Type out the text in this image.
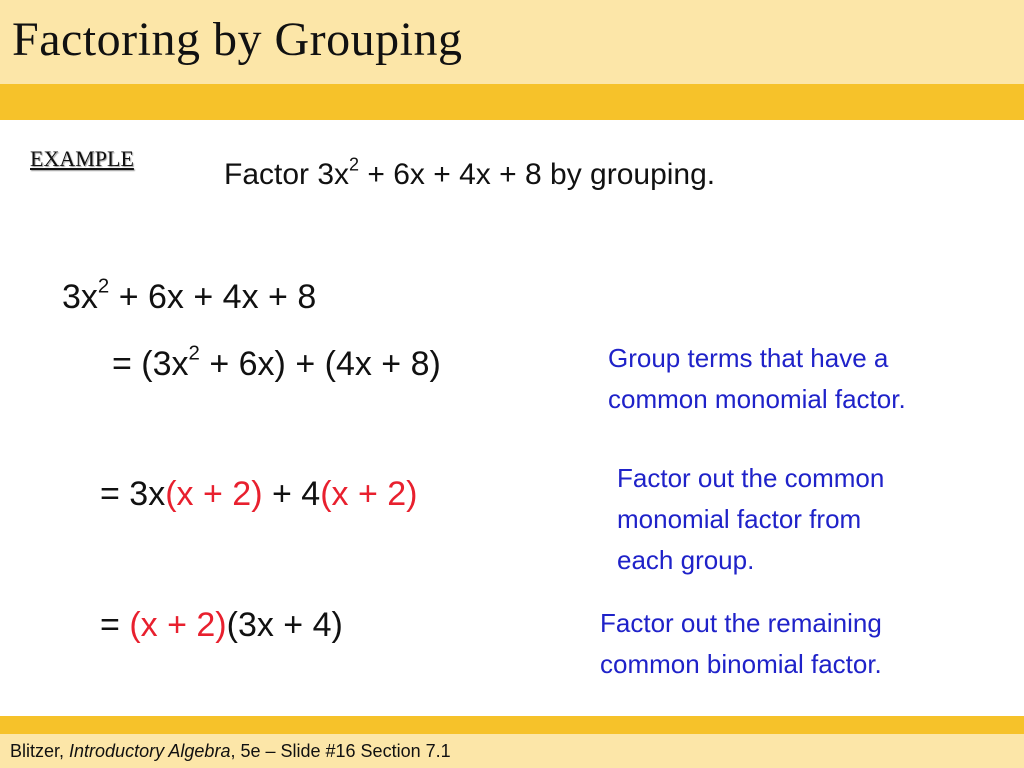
Factoring by Grouping
EXAMPLE	Factor $3x^2 + 6x + 4x + 8$ by grouping.
$3x^2 + 6x + 4x + 8$
= $(3x^2 + 6x) + (4x + 8)$
= 3x(x + 2) + 4(x + 2)
= (x + 2)(3x + 4)
Group terms that have a
common monomial factor.
Factor out the common
monomial factor from
each group.
Factor out the remaining
common binomial factor.
Blitzer, Introductory Algebra, 5e – Slide #16 Section 7.1
